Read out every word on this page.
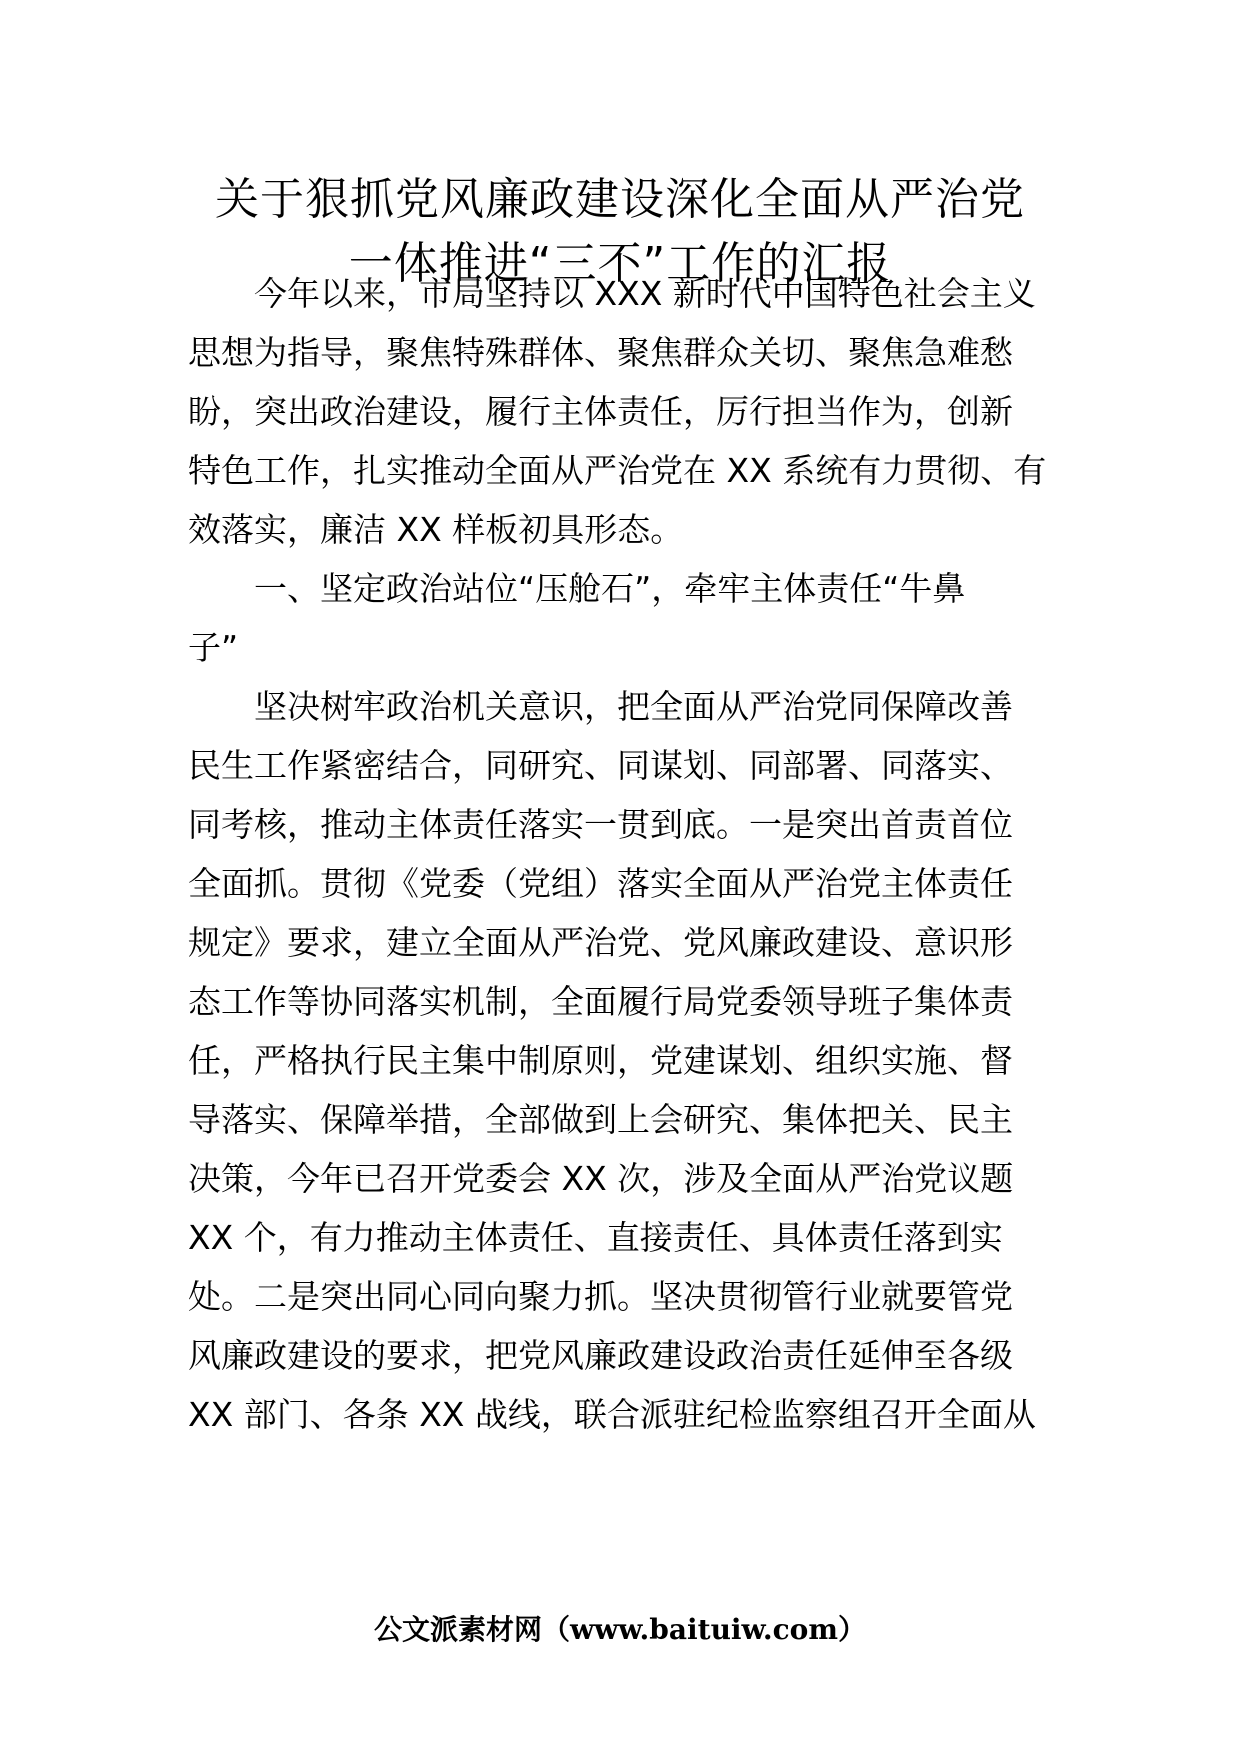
关于狠抓党风廉政建设深化全面从严治党
一体推进“三不”工作的汇报

　　今年以来，市局坚持以 XXX 新时代中国特色社会主义

思想为指导，聚焦特殊群体、聚焦群众关切、聚焦急难愁

盼，突出政治建设，履行主体责任，厉行担当作为，创新

特色工作，扎实推动全面从严治党在 XX 系统有力贯彻、有

效落实，廉洁 XX 样板初具形态。

　　一、坚定政治站位“压舱石”，牵牢主体责任“牛鼻

子”

　　坚决树牢政治机关意识，把全面从严治党同保障改善

民生工作紧密结合，同研究、同谋划、同部署、同落实、

同考核，推动主体责任落实一贯到底。一是突出首责首位

全面抓。贯彻《党委（党组）落实全面从严治党主体责任

规定》要求，建立全面从严治党、党风廉政建设、意识形

态工作等协同落实机制，全面履行局党委领导班子集体责

任，严格执行民主集中制原则，党建谋划、组织实施、督

导落实、保障举措，全部做到上会研究、集体把关、民主

决策，今年已召开党委会 XX 次，涉及全面从严治党议题

XX 个，有力推动主体责任、直接责任、具体责任落到实

处。二是突出同心同向聚力抓。坚决贯彻管行业就要管党

风廉政建设的要求，把党风廉政建设政治责任延伸至各级

XX 部门、各条 XX 战线，联合派驻纪检监察组召开全面从

公文派素材网（www.baituiw.com）
